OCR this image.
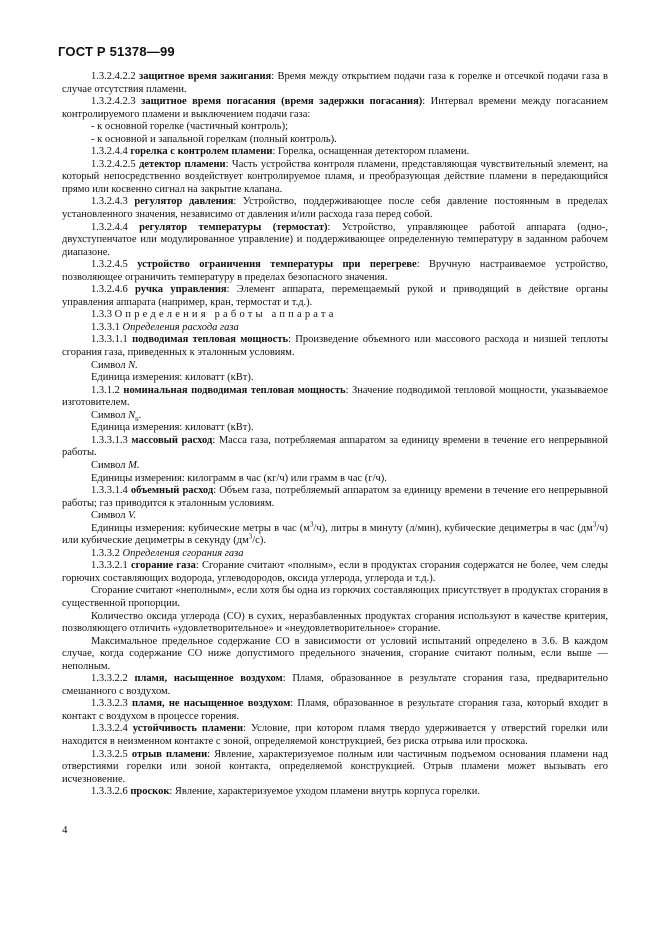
ГОСТ Р 51378—99

1.3.2.4.2.2 защитное время зажигания: Время между открытием подачи газа к горелке и отсечкой подачи газа в случае отсутствия пламени.

1.3.2.4.2.3 защитное время погасания (время задержки погасания): Интервал времени между погасанием контролируемого пламени и выключением подачи газа:

- к основной горелке (частичный контроль);

- к основной и запальной горелкам (полный контроль).

1.3.2.4.4 горелка с контролем пламени: Горелка, оснащенная детектором пламени.

1.3.2.4.2.5 детектор пламени: Часть устройства контроля пламени, представляющая чувствительный элемент, на который непосредственно воздействует контролируемое пламя, и преобразующая действие пламени в передающийся прямо или косвенно сигнал на закрытие клапана.

1.3.2.4.3 регулятор давления: Устройство, поддерживающее после себя давление постоянным в пределах установленного значения, независимо от давления и/или расхода газа перед собой.

1.3.2.4.4 регулятор температуры (термостат): Устройство, управляющее работой аппарата (одно-, двухступенчатое или модулированное управление) и поддерживающее определенную температуру в заданном рабочем диапазоне.

1.3.2.4.5 устройство ограничения температуры при перегреве: Вручную настраиваемое устройство, позволяющее ограничить температуру в пределах безопасного значения.

1.3.2.4.6 ручка управления: Элемент аппарата, перемещаемый рукой и приводящий в действие органы управления аппарата (например, кран, термостат и т.д.).

1.3.3 Определения работы аппарата

1.3.3.1 Определения расхода газа

1.3.3.1.1 подводимая тепловая мощность: Произведение объемного или массового расхода и низшей теплоты сгорания газа, приведенных к эталонным условиям.

Символ N.

Единица измерения: киловатт (кВт).

1.3.1.2 номинальная подводимая тепловая мощность: Значение подводимой тепловой мощности, указываемое изготовителем.

Символ $N_n$.

Единица измерения: киловатт (кВт).

1.3.3.1.3 массовый расход: Масса газа, потребляемая аппаратом за единицу времени в течение его непрерывной работы.

Символ М.

Единицы измерения: килограмм в час (кг/ч) или грамм в час (г/ч).

1.3.3.1.4 объемный расход: Объем газа, потребляемый аппаратом за единицу времени в течение его непрерывной работы; газ приводится к эталонным условиям.

Символ V.

Единицы измерения: кубические метры в час $(м^3/ч)$, литры в минуту (л/мин), кубические дециметры в час $(дм^3/ч)$ или кубические дециметры в секунду $(дм^3/с)$.

1.3.3.2 Определения сгорания газа

1.3.3.2.1 сгорание газа: Сгорание считают «полным», если в продуктах сгорания содержатся не более, чем следы горючих составляющих водорода, углеводородов, оксида углерода, углерода и т.д.).

Сгорание считают «неполным», если хотя бы одна из горючих составляющих присутствует в продуктах сгорания в существенной пропорции.

Количество оксида углерода (СО) в сухих, неразбавленных продуктах сгорания используют в качестве критерия, позволяющего отличить «удовлетворительное» и «неудовлетворительное» сгорание.

Максимальное предельное содержание СО в зависимости от условий испытаний определено в 3.6. В каждом случае, когда содержание СО ниже допустимого предельного значения, сгорание считают полным, если выше — неполным.

1.3.3.2.2 пламя, насыщенное воздухом: Пламя, образованное в результате сгорания газа, предварительно смешанного с воздухом.

1.3.3.2.3 пламя, не насыщенное воздухом: Пламя, образованное в результате сгорания газа, который входит в контакт с воздухом в процессе горения.

1.3.3.2.4 устойчивость пламени: Условие, при котором пламя твердо удерживается у отверстий горелки или находится в неизменном контакте с зоной, определяемой конструкцией, без риска отрыва или проскока.

1.3.3.2.5 отрыв пламени: Явление, характеризуемое полным или частичным подъемом основания пламени над отверстиями горелки или зоной контакта, определяемой конструкцией. Отрыв пламени может вызывать его исчезновение.

1.3.3.2.6 проскок: Явление, характеризуемое уходом пламени внутрь корпуса горелки.

4
